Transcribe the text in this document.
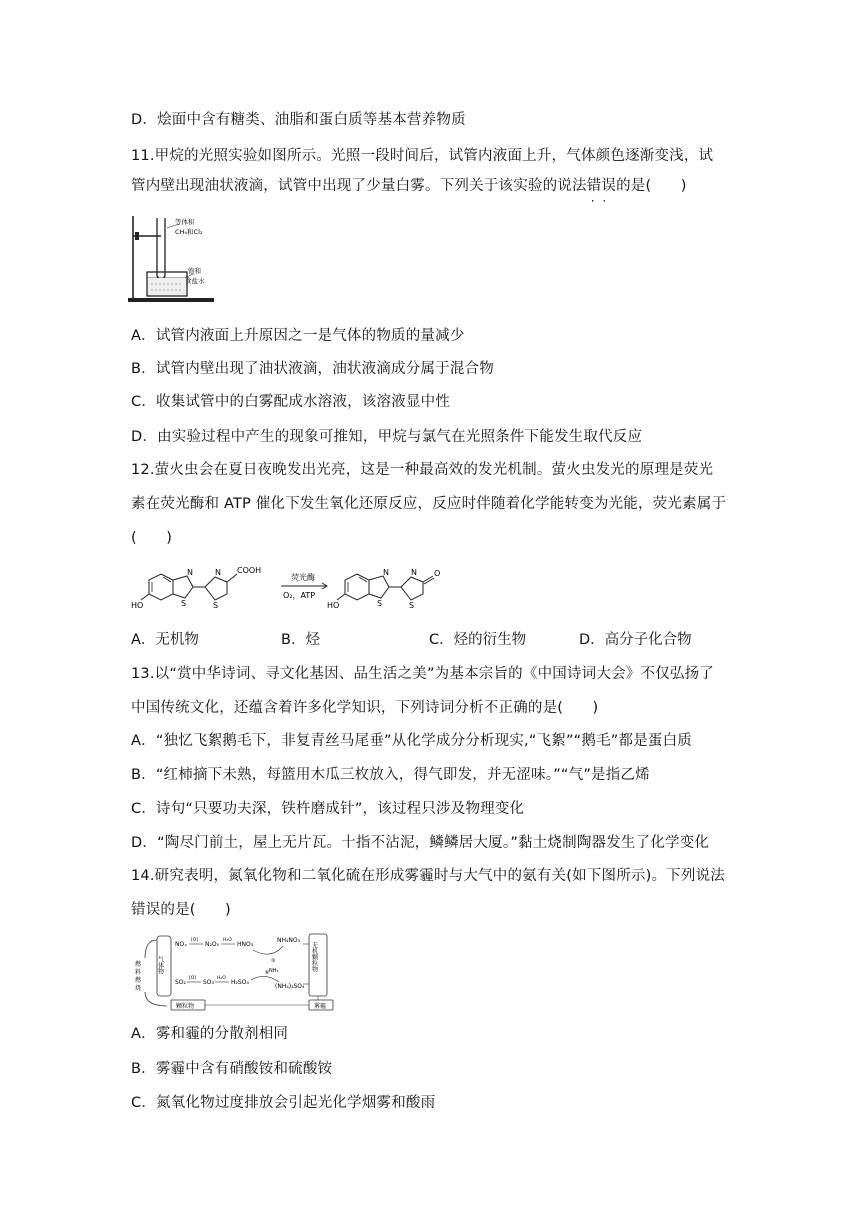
D．烩面中含有糖类、油脂和蛋白质等基本营养物质
11.甲烷的光照实验如图所示。光照一段时间后，试管内液面上升，气体颜色逐渐变浅，试
管内壁出现油状液滴，试管中出现了少量白雾。下列关于该实验的说法错误 · ·的是(　　)
等体积
CH₄和Cl₂
饱和
食盐水
A．试管内液面上升原因之一是气体的物质的量减少
B．试管内壁出现了油状液滴，油状液滴成分属于混合物
C．收集试管中的白雾配成水溶液，该溶液显中性
D．由实验过程中产生的现象可推知，甲烷与氯气在光照条件下能发生取代反应
12.萤火虫会在夏日夜晚发出光亮，这是一种最高效的发光机制。萤火虫发光的原理是荧光
素在荧光酶和 ATP 催化下发生氧化还原反应，反应时伴随着化学能转变为光能，荧光素属于
(　　)
HO
N
S
N
S
COOH
荧光酶
O₂，ATP
HO
N
S
N
S
O
A．无机物	B．烃	C．烃的衍生物	D．高分子化合物
13.以“赏中华诗词、寻文化基因、品生活之美”为基本宗旨的《中国诗词大会》不仅弘扬了
中国传统文化，还蕴含着许多化学知识，下列诗词分析不正确的是(　　)
A．“独忆飞絮鹅毛下，非复青丝马尾垂”从化学成分分析现实,“飞絮”“鹅毛”都是蛋白质
B．“红柿摘下未熟，每篮用木瓜三枚放入，得气即发，并无涩味。”“气”是指乙烯
C．诗句“只要功夫深，铁杵磨成针”，该过程只涉及物理变化
D．“陶尽门前土，屋上无片瓦。十指不沾泥，鳞鳞居大厦。”黏土烧制陶器发生了化学变化
14.研究表明，氮氧化物和二氧化硫在形成雾霾时与大气中的氨有关(如下图所示)。下列说法
错误的是(　　)
燃
料
燃
烧
气体物
NOₓ
[O]
N₂O₅
H₂O
HNO₃
NH₄NO₃
③
NH₃
SO₂
[O]
SO₃
H₂O
H₂SO₄
⑥
(NH₄)₂SO₄
无机颗粒物
颗粒物	雾霾
A．雾和霾的分散剂相同
B．雾霾中含有硝酸铵和硫酸铵
C．氮氧化物过度排放会引起光化学烟雾和酸雨
